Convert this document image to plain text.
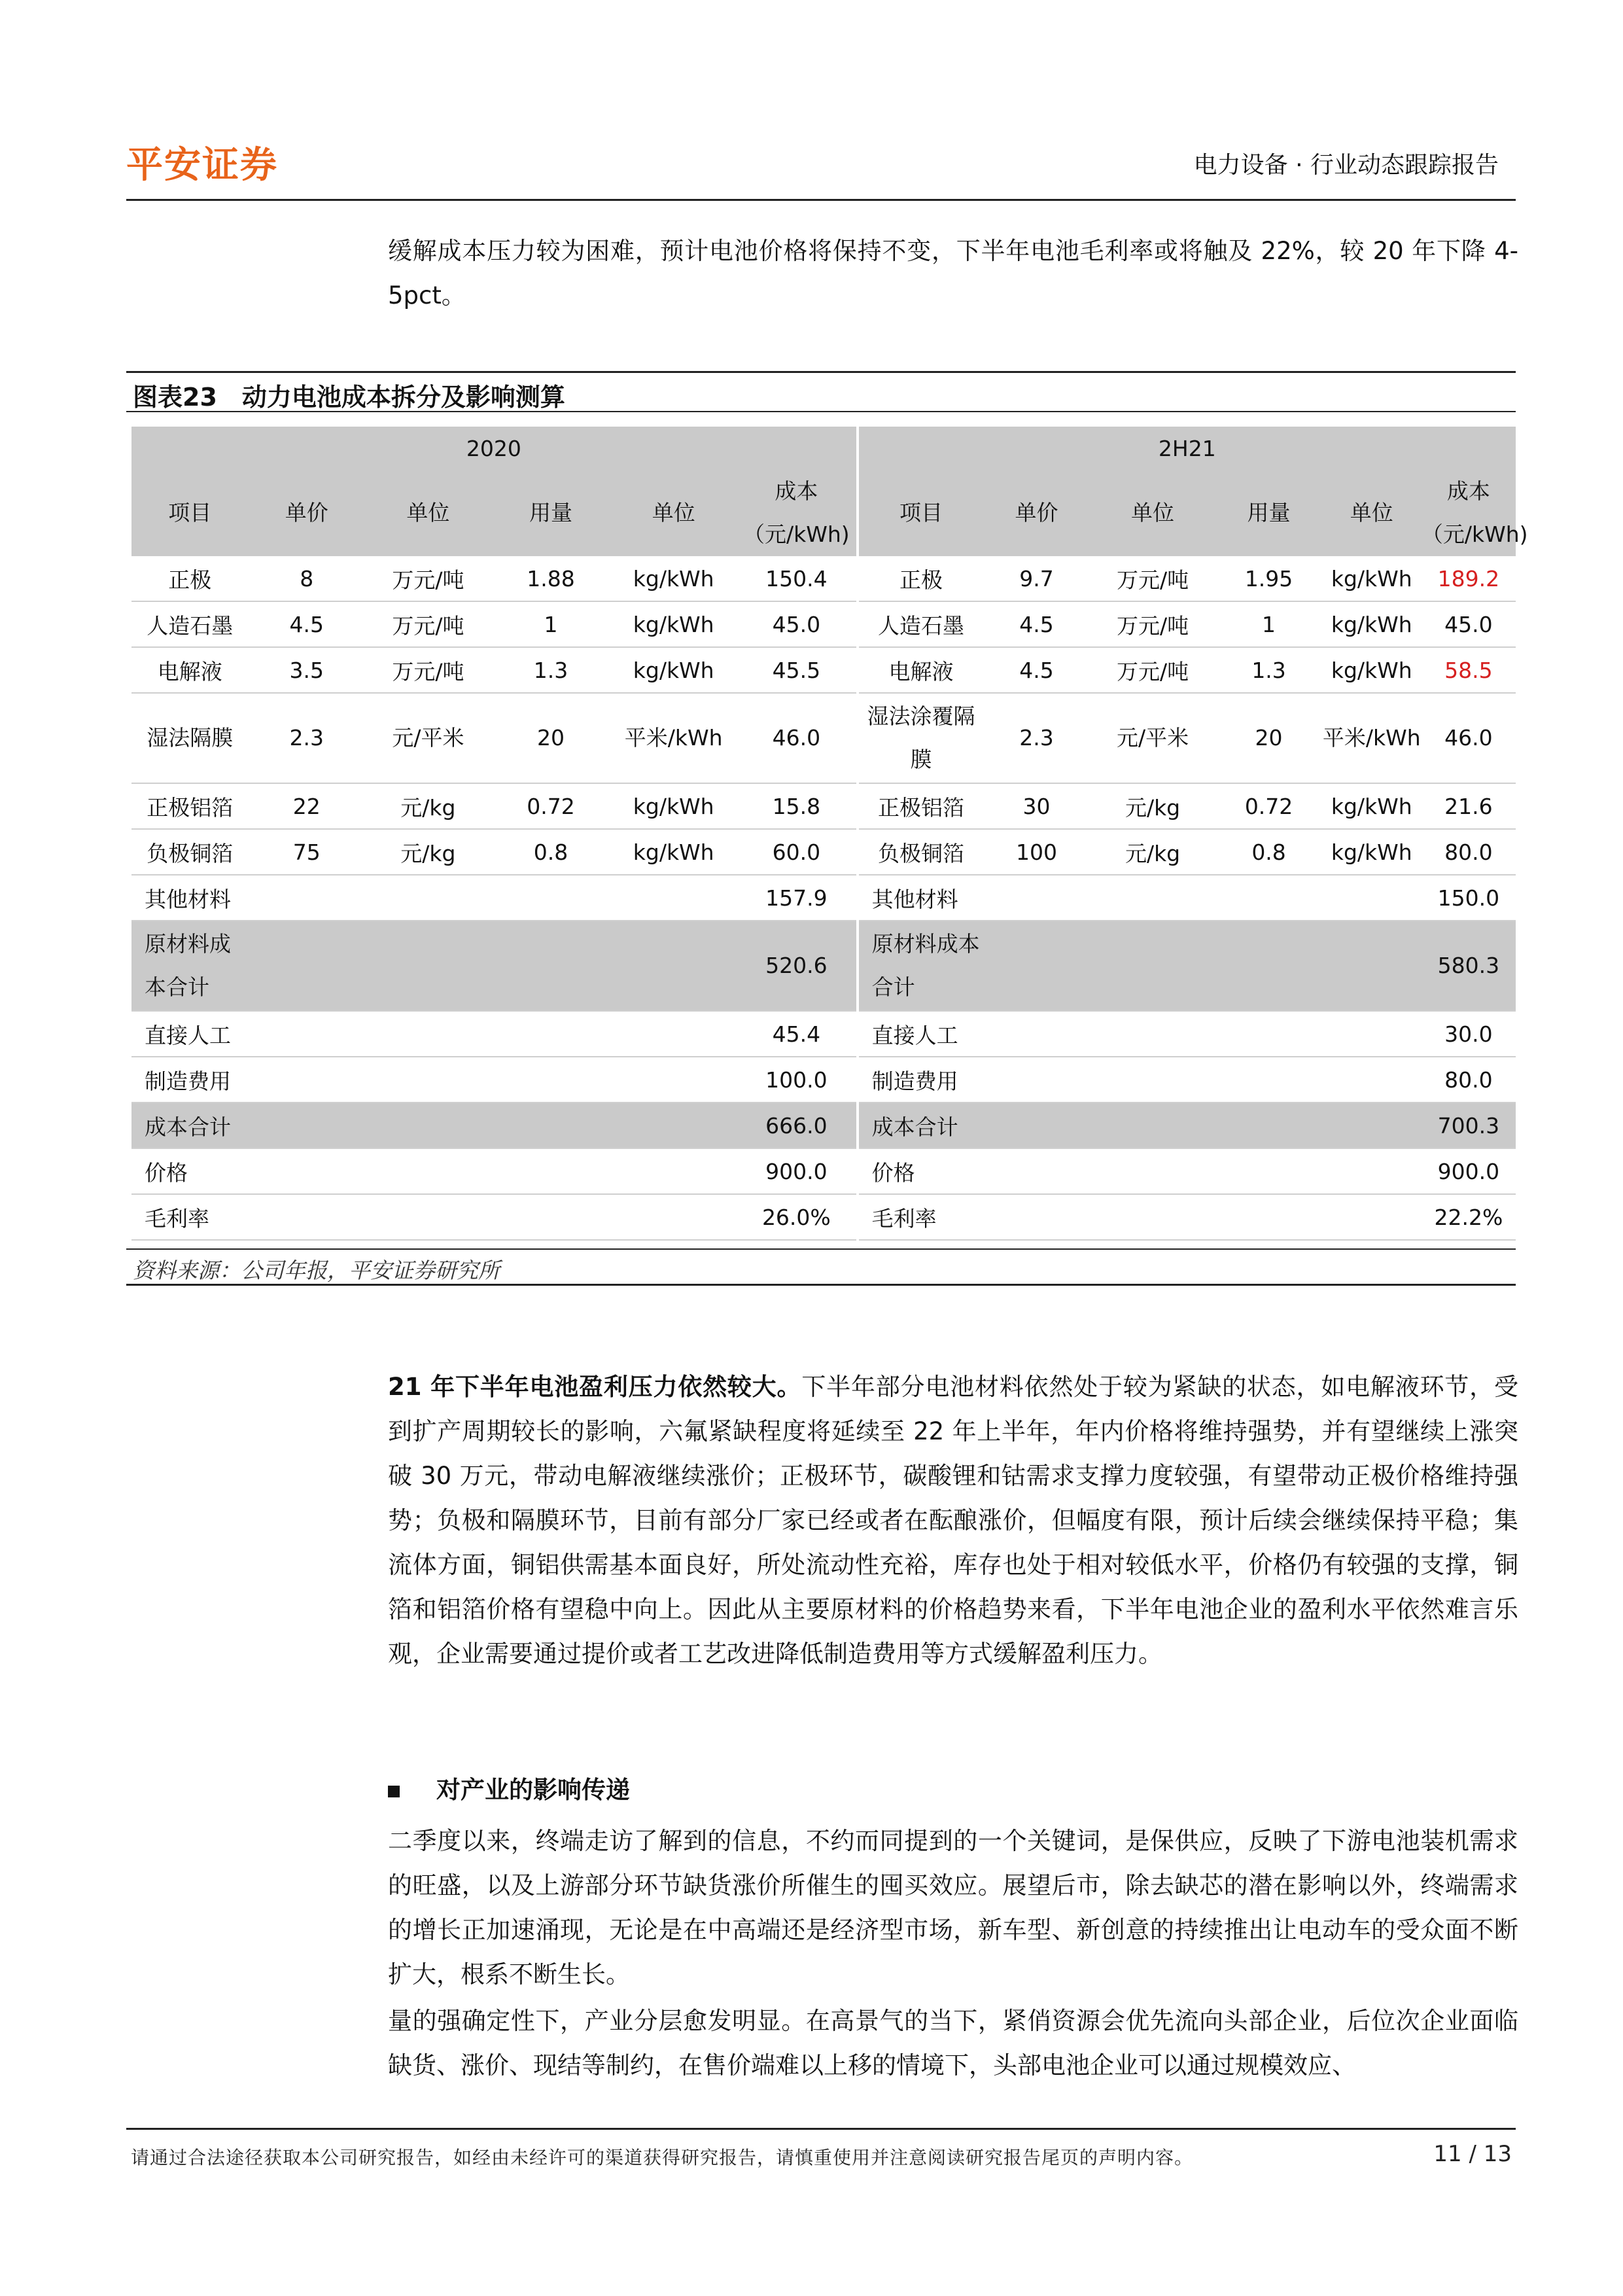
平安证券	电力设备 · 行业动态跟踪报告
缓解成本压力较为困难，预计电池价格将保持不变，下半年电池毛利率或将触及 22%，较 20 年下降 4-5pct。
图表23　动力电池成本拆分及影响测算
2020						2H21					
项目	单价	单位	用量	单位	成本（元/kWh)	项目	单价	单位	用量	单位	成本（元/kWh)
正极	8	万元/吨	1.88	kg/kWh	150.4	正极	9.7	万元/吨	1.95	kg/kWh	189.2
人造石墨	4.5	万元/吨	1	kg/kWh	45.0	人造石墨	4.5	万元/吨	1	kg/kWh	45.0
电解液	3.5	万元/吨	1.3	kg/kWh	45.5	电解液	4.5	万元/吨	1.3	kg/kWh	58.5
湿法隔膜	2.3	元/平米	20	平米/kWh	46.0	湿法涂覆隔膜	2.3	元/平米	20	平米/kWh	46.0
正极铝箔	22	元/kg	0.72	kg/kWh	15.8	正极铝箔	30	元/kg	0.72	kg/kWh	21.6
负极铜箔	75	元/kg	0.8	kg/kWh	60.0	负极铜箔	100	元/kg	0.8	kg/kWh	80.0
其他材料					157.9	其他材料					150.0
原材料成本合计					520.6	原材料成本合计					580.3
直接人工					45.4	直接人工					30.0
制造费用					100.0	制造费用					80.0
成本合计					666.0	成本合计					700.3
价格					900.0	价格					900.0
毛利率					26.0%	毛利率					22.2%
资料来源：公司年报，平安证券研究所
21 年下半年电池盈利压力依然较大。下半年部分电池材料依然处于较为紧缺的状态，如电解液环节，受到扩产周期较长的影响，六氟紧缺程度将延续至 22 年上半年，年内价格将维持强势，并有望继续上涨突破 30 万元，带动电解液继续涨价；正极环节，碳酸锂和钴需求支撑力度较强，有望带动正极价格维持强势；负极和隔膜环节，目前有部分厂家已经或者在酝酿涨价，但幅度有限，预计后续会继续保持平稳；集流体方面，铜铝供需基本面良好，所处流动性充裕，库存也处于相对较低水平，价格仍有较强的支撑，铜箔和铝箔价格有望稳中向上。因此从主要原材料的价格趋势来看，下半年电池企业的盈利水平依然难言乐观，企业需要通过提价或者工艺改进降低制造费用等方式缓解盈利压力。
对产业的影响传递
二季度以来，终端走访了解到的信息，不约而同提到的一个关键词，是保供应，反映了下游电池装机需求的旺盛，以及上游部分环节缺货涨价所催生的囤买效应。展望后市，除去缺芯的潜在影响以外，终端需求的增长正加速涌现，无论是在中高端还是经济型市场，新车型、新创意的持续推出让电动车的受众面不断扩大，根系不断生长。
量的强确定性下，产业分层愈发明显。在高景气的当下，紧俏资源会优先流向头部企业，后位次企业面临缺货、涨价、现结等制约，在售价端难以上移的情境下，头部电池企业可以通过规模效应、
请通过合法途径获取本公司研究报告，如经由未经许可的渠道获得研究报告，请慎重使用并注意阅读研究报告尾页的声明内容。	11 / 13
